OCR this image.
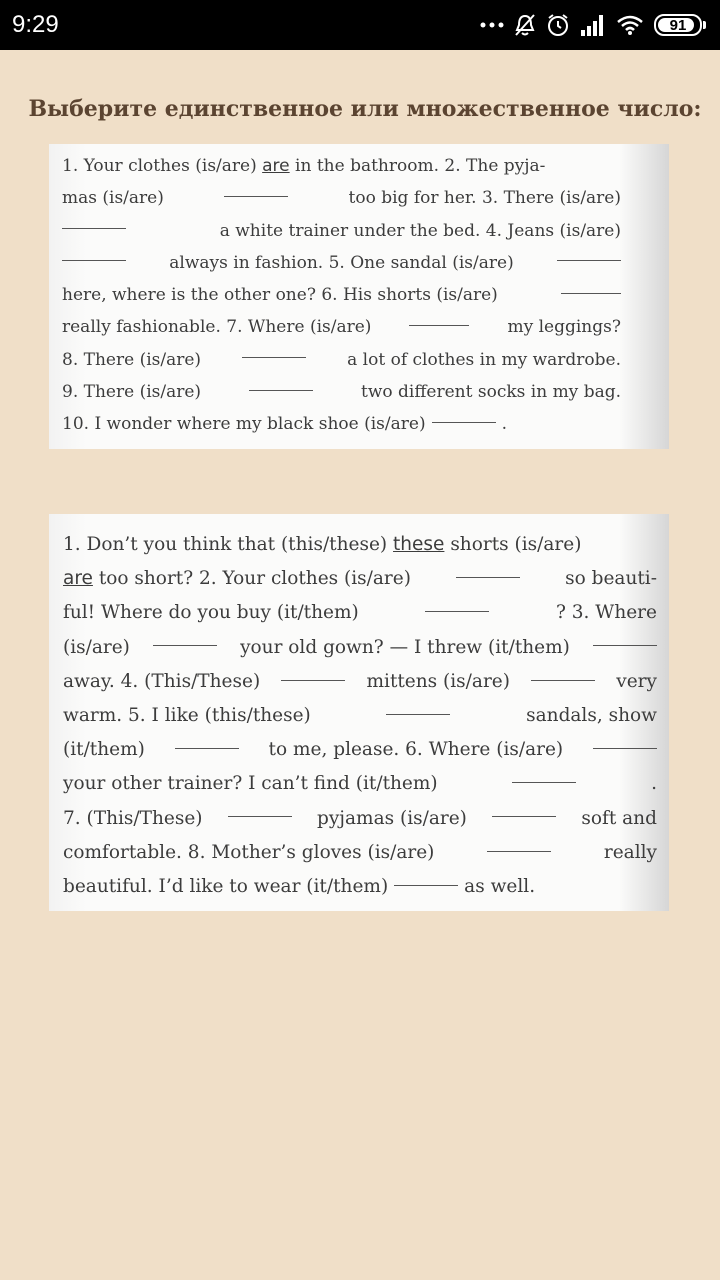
9:29	91
Выберите единственное или множественное число:
1. Your clothes (is/are) are in the bathroom. 2. The pyja-
mas (is/are)	too big for her. 3. There (is/are)
a white trainer under the bed. 4. Jeans (is/are)
always in fashion. 5. One sandal (is/are)
here, where is the other one? 6. His shorts (is/are)
really fashionable. 7. Where (is/are)	my leggings?
8. There (is/are)	a lot of clothes in my wardrobe.
9. There (is/are)	two different socks in my bag.
10. I wonder where my black shoe (is/are)	.
1. Don’t you think that (this/these) these shorts (is/are)
are too short? 2. Your clothes (is/are)	so beauti-
ful! Where do you buy (it/them)	? 3. Where
(is/are)	your old gown? — I threw (it/them)
away. 4. (This/These)	mittens (is/are)	very
warm. 5. I like (this/these)	sandals, show
(it/them)	to me, please. 6. Where (is/are)
your other trainer? I can’t find (it/them)	.
7. (This/These)	pyjamas (is/are)	soft and
comfortable. 8. Mother’s gloves (is/are)	really
beautiful. I’d like to wear (it/them)	as well.
